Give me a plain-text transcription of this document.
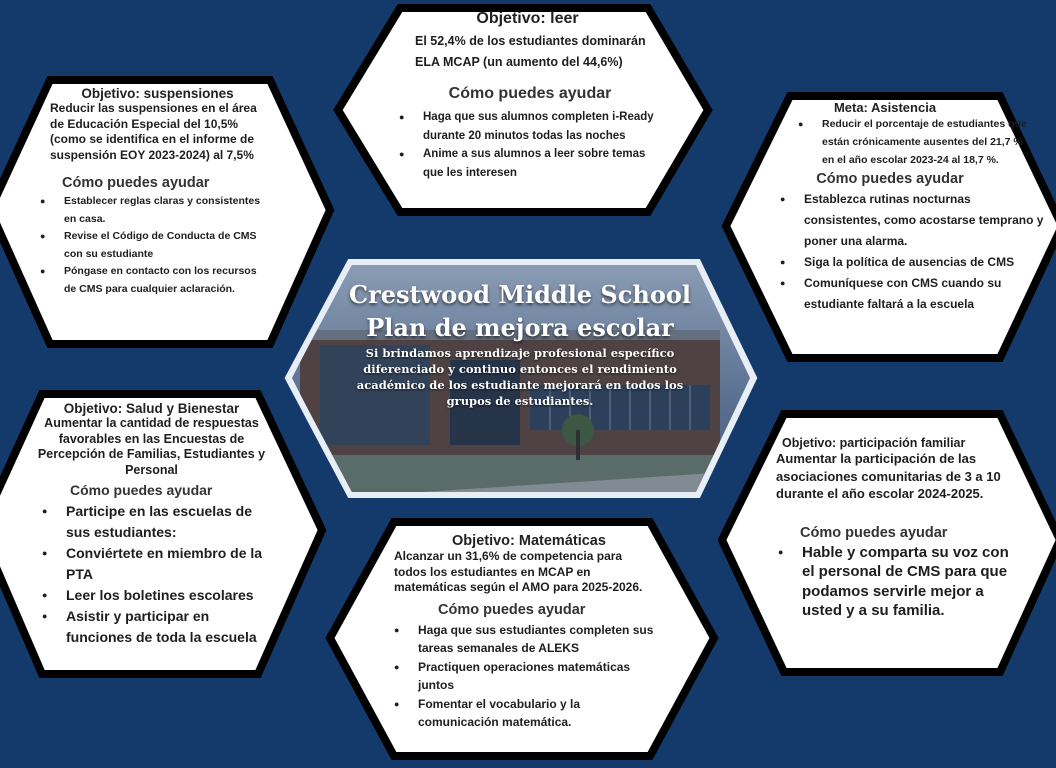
Crestwood Middle School
Plan de mejora escolar
Si brindamos aprendizaje profesional específico diferenciado y continuo entonces el rendimiento académico de los estudiante mejorará en todos los grupos de estudiantes.
Objetivo: leer
El 52,4% de los estudiantes dominarán ELA MCAP (un aumento del 44,6%)
Cómo puedes ayudar
● Haga que sus alumnos completen i-Ready durante 20 minutos todas las noches
● Anime a sus alumnos a leer sobre temas que les interesen
Objetivo: suspensiones
Reducir las suspensiones en el área de Educación Especial del 10,5% (como se identifica en el informe de suspensión EOY 2023-2024) al 7,5%
Cómo puedes ayudar
● Establecer reglas claras y consistentes en casa.
● Revise el Código de Conducta de CMS con su estudiante
● Póngase en contacto con los recursos de CMS para cualquier aclaración.
Meta: Asistencia
● Reducir el porcentaje de estudiantes que están crónicamente ausentes del 21,7 % en el año escolar 2023-24 al 18,7 %.
Cómo puedes ayudar
● Establezca rutinas nocturnas consistentes, como acostarse temprano y poner una alarma.
● Siga la política de ausencias de CMS
● Comuníquese con CMS cuando su estudiante faltará a la escuela
Objetivo: Salud y Bienestar
Aumentar la cantidad de respuestas favorables en las Encuestas de Percepción de Familias, Estudiantes y Personal
Cómo puedes ayudar
● Participe en las escuelas de sus estudiantes:
● Conviértete en miembro de la PTA
● Leer los boletines escolares
● Asistir y participar en funciones de toda la escuela
Objetivo: Matemáticas
Alcanzar un 31,6% de competencia para todos los estudiantes en MCAP en matemáticas según el AMO para 2025-2026.
Cómo puedes ayudar
● Haga que sus estudiantes completen sus tareas semanales de ALEKS
● Practiquen operaciones matemáticas juntos
● Fomentar el vocabulario y la comunicación matemática.
Objetivo: participación familiar
Aumentar la participación de las asociaciones comunitarias de 3 a 10 durante el año escolar 2024-2025.
Cómo puedes ayudar
● Hable y comparta su voz con el personal de CMS para que podamos servirle mejor a usted y a su familia.
